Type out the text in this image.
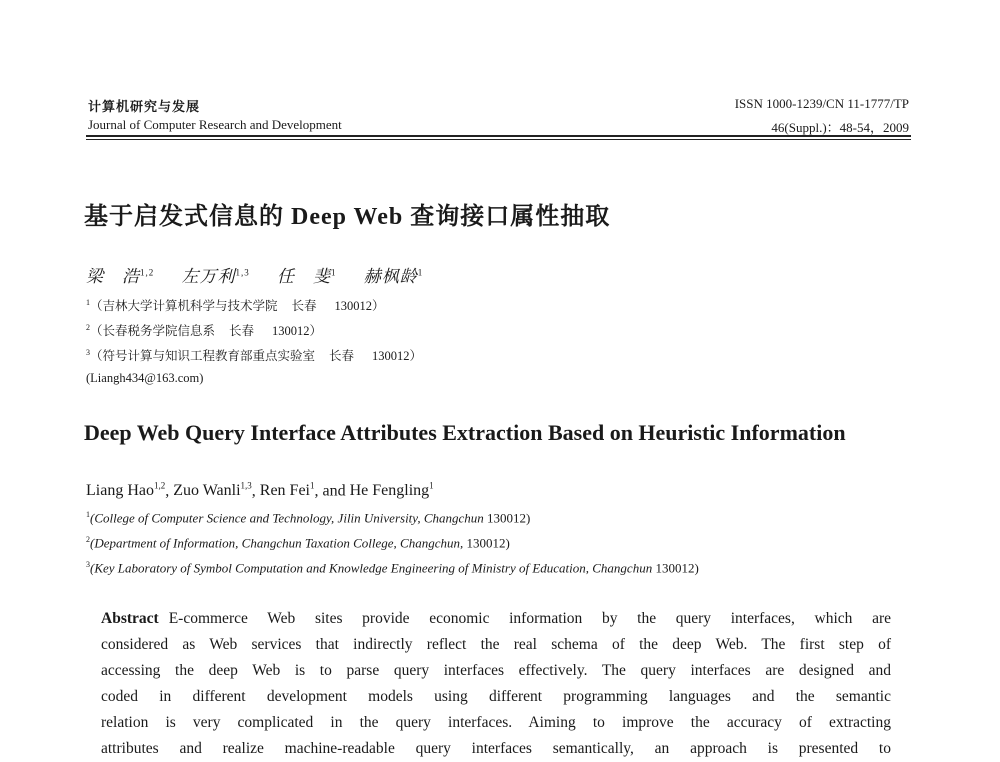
计算机研究与发展
Journal of Computer Research and Development
ISSN 1000-1239/CN 11-1777/TP
46(Suppl.)：48-54，2009
基于启发式信息的 Deep Web 查询接口属性抽取
梁　浩$^{1,2}$ 左万利$^{1,3}$ 任　斐$^1$ 赫枫龄$^1$
$^1$（吉林大学计算机科学与技术学院 长春 130012）
$^2$（长春税务学院信息系 长春 130012）
$^3$（符号计算与知识工程教育部重点实验室 长春 130012）
(Liangh434@163.com)
Deep Web Query Interface Attributes Extraction Based on Heuristic Information
Liang Hao$^{1,2}$, Zuo Wanli$^{1,3}$, Ren Fei$^1$, and He Fengling$^1$
$^1$(College of Computer Science and Technology, Jilin University, Changchun 130012)
$^2$(Department of Information, Changchun Taxation College, Changchun, 130012)
$^3$(Key Laboratory of Symbol Computation and Knowledge Engineering of Ministry of Education, Changchun 130012)
Abstract E-commerce Web sites provide economic information by the query interfaces, which are
considered as Web services that indirectly reflect the real schema of the deep Web. The first step of
accessing the deep Web is to parse query interfaces effectively. The query interfaces are designed and
coded in different development models using different programming languages and the semantic
relation is very complicated in the query interfaces. Aiming to improve the accuracy of extracting
attributes and realize machine-readable query interfaces semantically, an approach is presented to
